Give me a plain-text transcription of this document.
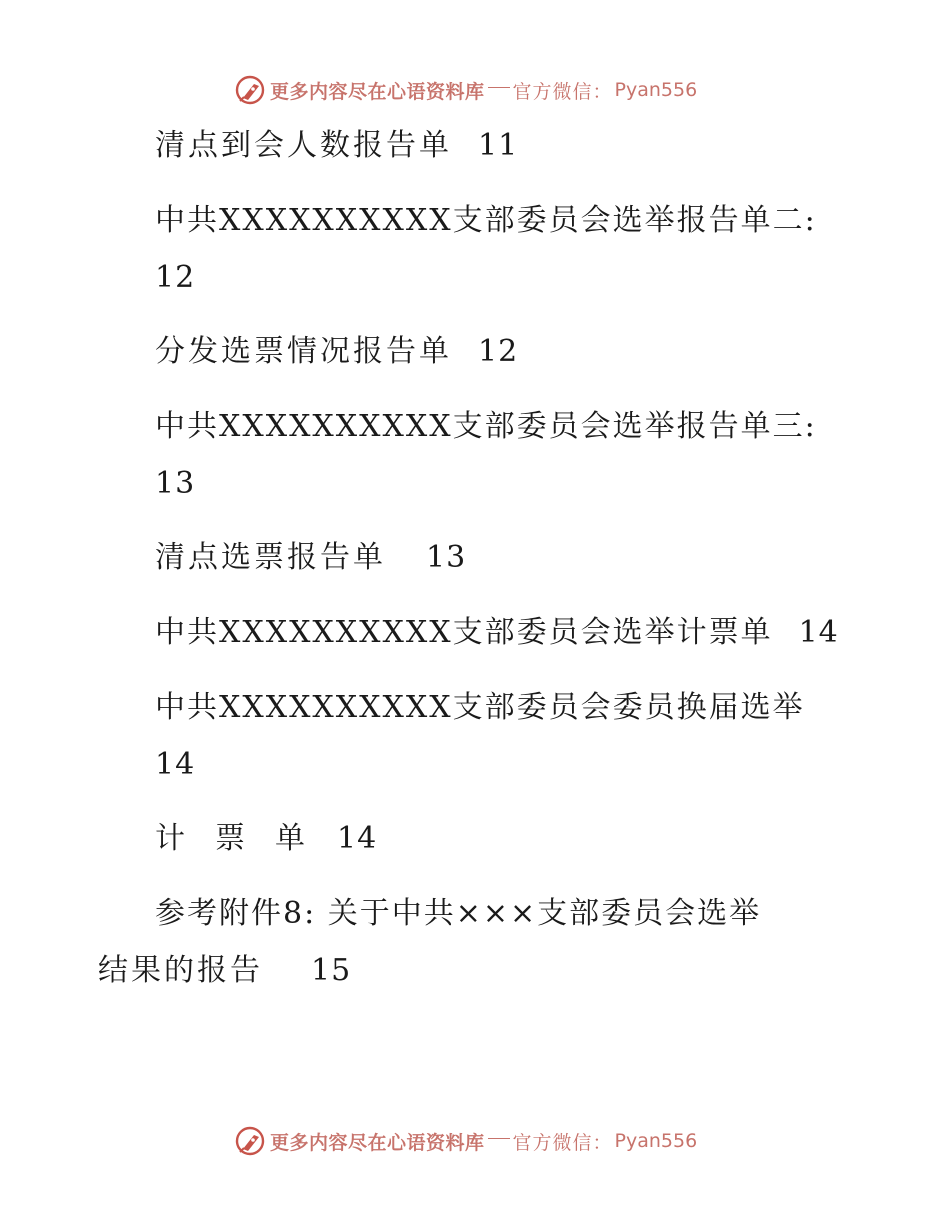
更多内容尽在心语资料库 官方微信： Pyan556
清点到会人数报告单 11
中共XXXXXXXXXX支部委员会选举报告单二:
12
分发选票情况报告单 12
中共XXXXXXXXXX支部委员会选举报告单三:
13
清点选票报告单 13
中共XXXXXXXXXX支部委员会选举计票单 14
中共XXXXXXXXXX支部委员会委员换届选举
14
计票单14
参考附件8: 关于中共×××支部委员会选举
结果的报告 15
更多内容尽在心语资料库 官方微信： Pyan556
